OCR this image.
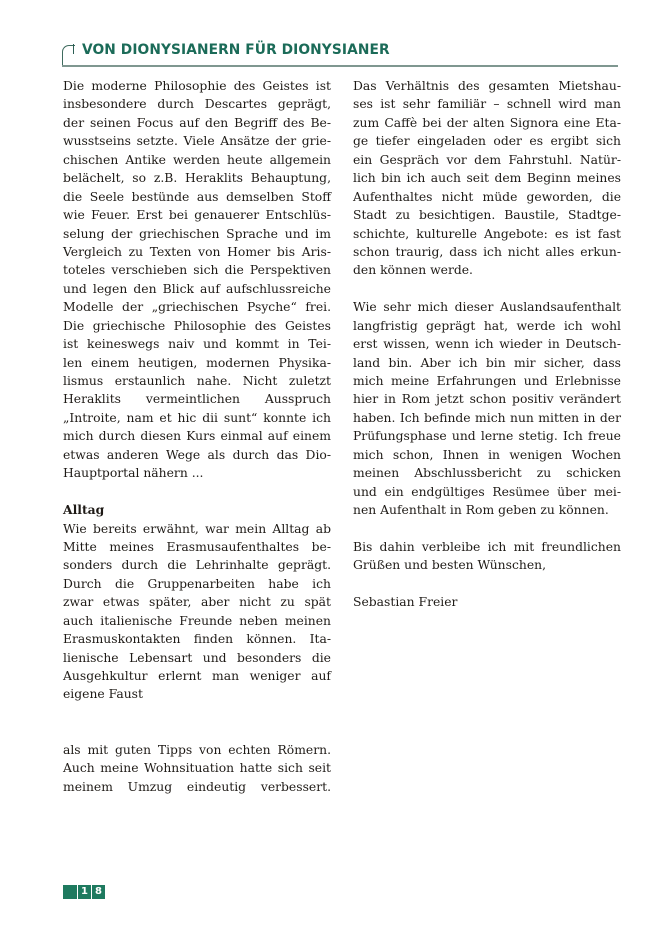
VON DIONYSIANERN FÜR DIONYSIANER
Die moderne Philosophie des Geistes ist
insbesondere durch Descartes geprägt,
der seinen Focus auf den Begriff des Be-
wusstseins setzte. Viele Ansätze der grie-
chischen Antike werden heute allgemein
belächelt, so z.B. Heraklits Behauptung,
die Seele bestünde aus demselben Stoff
wie Feuer. Erst bei genauerer Entschlüs-
selung der griechischen Sprache und im
Vergleich zu Texten von Homer bis Aris-
toteles verschieben sich die Perspektiven
und legen den Blick auf aufschlussreiche
Modelle der „griechischen Psyche“ frei.
Die griechische Philosophie des Geistes
ist keineswegs naiv und kommt in Tei-
len einem heutigen, modernen Physika-
lismus erstaunlich nahe. Nicht zuletzt
Heraklits vermeintlichen Ausspruch
„Introite, nam et hic dii sunt“ konnte ich
mich durch diesen Kurs einmal auf einem
etwas anderen Wege als durch das Dio-
Hauptportal nähern ...
Alltag
Wie bereits erwähnt, war mein Alltag ab
Mitte meines Erasmusaufenthaltes be-
sonders durch die Lehrinhalte geprägt.
Durch die Gruppenarbeiten habe ich
zwar etwas später, aber nicht zu spät
auch italienische Freunde neben meinen
Erasmuskontakten finden können. Ita-
lienische Lebensart und besonders die
Ausgehkultur erlernt man weniger auf
eigene Faust
als mit guten Tipps von echten Römern.
Auch meine Wohnsituation hatte sich seit
meinem Umzug eindeutig verbessert.
Das Verhältnis des gesamten Mietshau-
ses ist sehr familiär – schnell wird man
zum Caffè bei der alten Signora eine Eta-
ge tiefer eingeladen oder es ergibt sich
ein Gespräch vor dem Fahrstuhl. Natür-
lich bin ich auch seit dem Beginn meines
Aufenthaltes nicht müde geworden, die
Stadt zu besichtigen. Baustile, Stadtge-
schichte, kulturelle Angebote: es ist fast
schon traurig, dass ich nicht alles erkun-
den können werde.
Wie sehr mich dieser Auslandsaufenthalt
langfristig geprägt hat, werde ich wohl
erst wissen, wenn ich wieder in Deutsch-
land bin. Aber ich bin mir sicher, dass
mich meine Erfahrungen und Erlebnisse
hier in Rom jetzt schon positiv verändert
haben. Ich befinde mich nun mitten in der
Prüfungsphase und lerne stetig. Ich freue
mich schon, Ihnen in wenigen Wochen
meinen Abschlussbericht zu schicken
und ein endgültiges Resümee über mei-
nen Aufenthalt in Rom geben zu können.
Bis dahin verbleibe ich mit freundlichen
Grüßen und besten Wünschen,
Sebastian Freier
1 8
